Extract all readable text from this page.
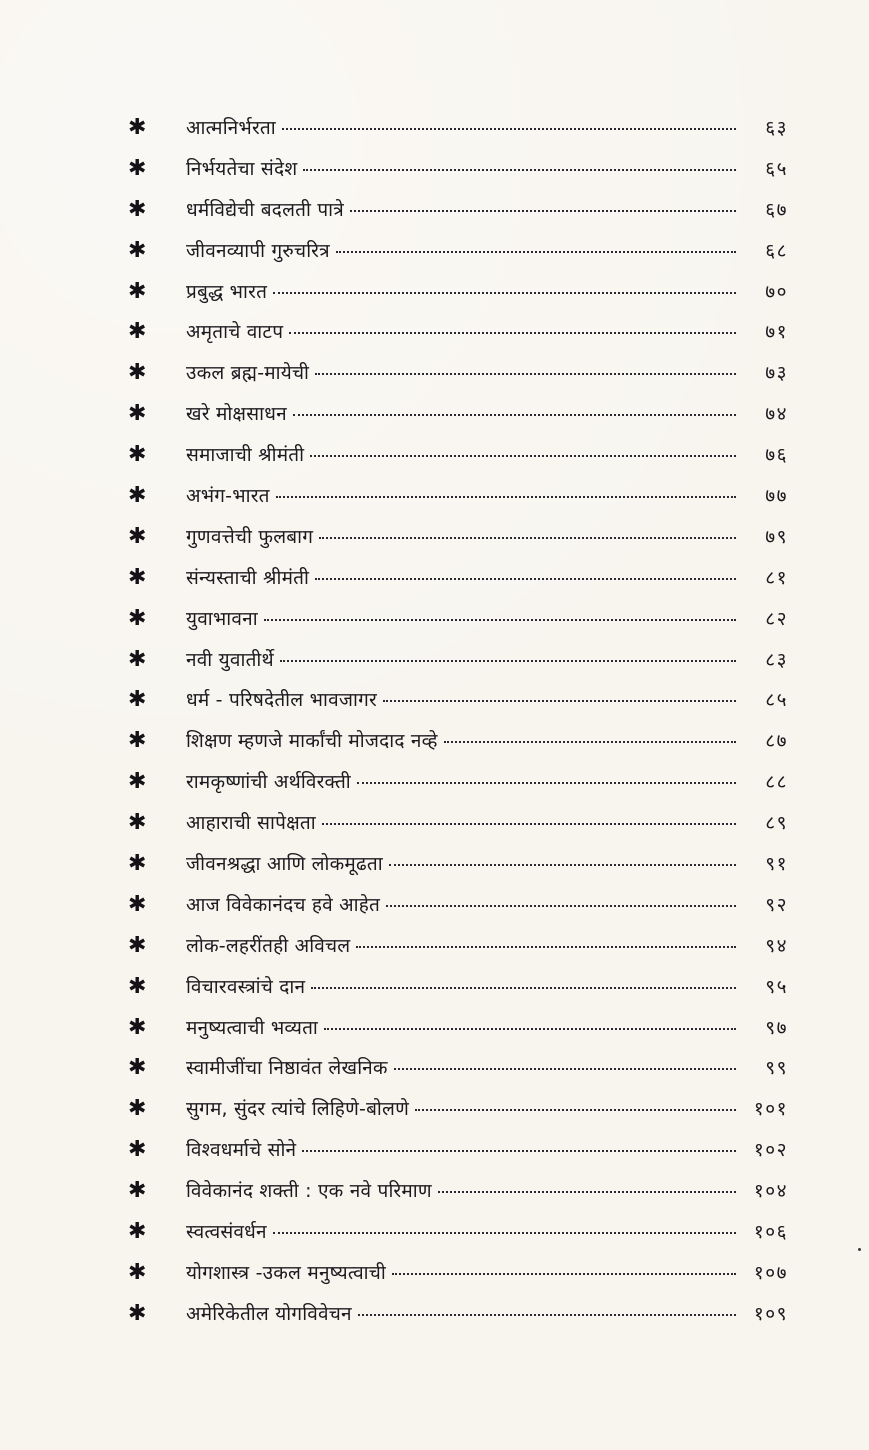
✱	आत्मनिर्भरता	६३
✱	निर्भयतेचा संदेश	६५
✱	धर्मविद्येची बदलती पात्रे	६७
✱	जीवनव्यापी गुरुचरित्र	६८
✱	प्रबुद्ध भारत	७०
✱	अमृताचे वाटप	७१
✱	उकल ब्रह्म-मायेची	७३
✱	खरे मोक्षसाधन	७४
✱	समाजाची श्रीमंती	७६
✱	अभंग-भारत	७७
✱	गुणवत्तेची फुलबाग	७९
✱	संन्यस्ताची श्रीमंती	८१
✱	युवाभावना	८२
✱	नवी युवातीर्थे	८३
✱	धर्म - परिषदेतील भावजागर	८५
✱	शिक्षण म्हणजे मार्कांची मोजदाद नव्हे	८७
✱	रामकृष्णांची अर्थविरक्ती	८८
✱	आहाराची सापेक्षता	८९
✱	जीवनश्रद्धा आणि लोकमूढता	९१
✱	आज विवेकानंदच हवे आहेत	९२
✱	लोक-लहरींतही अविचल	९४
✱	विचारवस्त्रांचे दान	९५
✱	मनुष्यत्वाची भव्यता	९७
✱	स्वामीजींचा निष्ठावंत लेखनिक	९९
✱	सुगम, सुंदर त्यांचे लिहिणे-बोलणे	१०१
✱	विश्वधर्माचे सोने	१०२
✱	विवेकानंद शक्ती : एक नवे परिमाण	१०४
✱	स्वत्वसंवर्धन	१०६
✱	योगशास्त्र -उकल मनुष्यत्वाची	१०७
✱	अमेरिकेतील योगविवेचन	१०९
